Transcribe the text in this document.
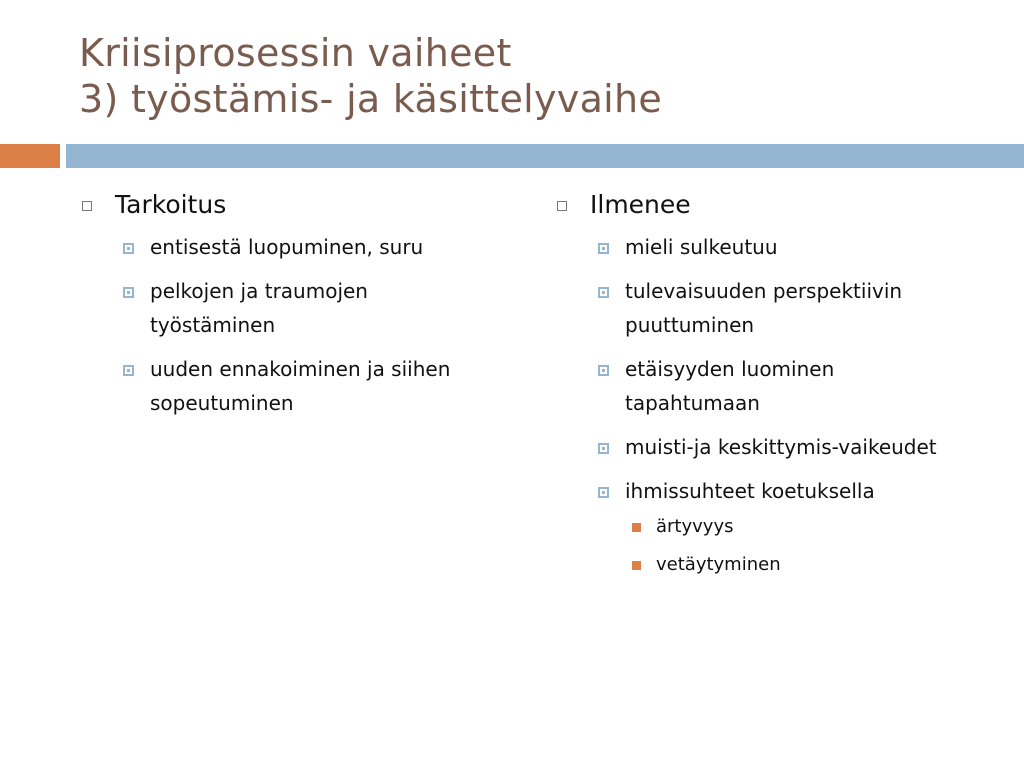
Kriisiprosessin vaiheet
3) työstämis- ja käsittelyvaihe
Tarkoitus
entisestä luopuminen, suru
pelkojen ja traumojen työstäminen
uuden ennakoiminen ja siihen sopeutuminen
Ilmenee
mieli sulkeutuu
tulevaisuuden perspektiivin puuttuminen
etäisyyden luominen tapahtumaan
muisti-ja keskittymis-vaikeudet
ihmissuhteet koetuksella
ärtyvyys
vetäytyminen
